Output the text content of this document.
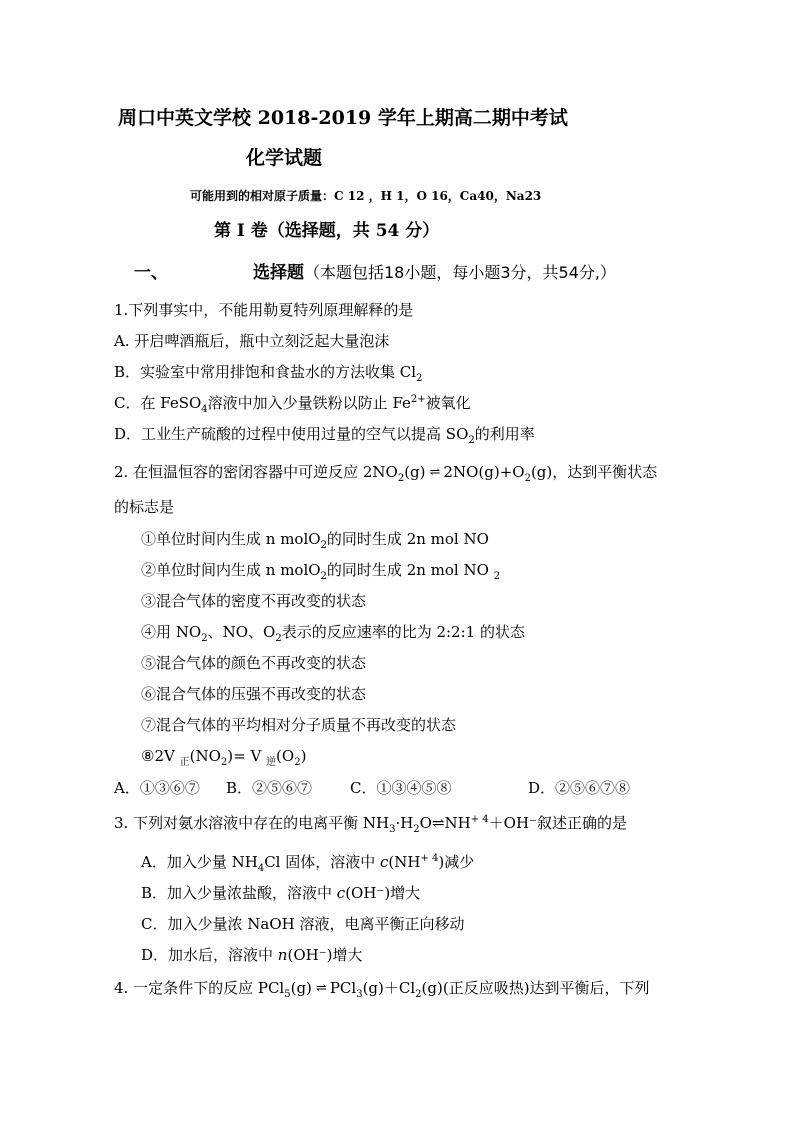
周口中英文学校 2018-2019 学年上期高二期中考试
化学试题
可能用到的相对原子质量：C 12 ，H 1，O 16，Ca40，Na23
第 I 卷（选择题，共 54 分）
一、	选择题（本题包括18小题，每小题3分，共54分,）
1.下列事实中，不能用勒夏特列原理解释的是
A. 开启啤酒瓶后，瓶中立刻泛起大量泡沫
B．实验室中常用排饱和食盐水的方法收集 $Cl_2$
C．在 FeSO$_4$溶液中加入少量铁粉以防止 $Fe^{2+}$被氧化
D．工业生产硫酸的过程中使用过量的空气以提高 $SO_2$的利用率
2. 在恒温恒容的密闭容器中可逆反应 $2NO_2(g)$ ⇌ $2NO(g)+O_2(g)$，达到平衡状态
的标志是
①单位时间内生成 n molO$_2$的同时生成 2n mol NO
②单位时间内生成 n molO$_2$的同时生成 2n mol NO $_2$
③混合气体的密度不再改变的状态
④用 $NO_2$、NO、$O_2$表示的反应速率的比为 2:2:1 的状态
⑤混合气体的颜色不再改变的状态
⑥混合气体的压强不再改变的状态
⑦混合气体的平均相对分子质量不再改变的状态
⑧2V $_正(NO_2)= V$ $_逆(O_2)$
A．①③⑥⑦ B．②⑤⑥⑦	C．①③④⑤⑧	D．②⑤⑥⑦⑧
3. 下列对氨水溶液中存在的电离平衡 $NH_3\cdot H_2O\rightleftharpoons NH^{+ 4}+OH^-$叙述正确的是
A．加入少量 $NH_4Cl$ 固体，溶液中 $c(NH^{+ 4})$减少
B．加入少量浓盐酸，溶液中 c(OH⁻)增大
C．加入少量浓 NaOH 溶液，电离平衡正向移动
D．加水后，溶液中 n(OH⁻)增大
4. 一定条件下的反应 PCl$_5$(g) ⇌ $PCl_3(g)+Cl_2(g)$(正反应吸热)达到平衡后，下列
